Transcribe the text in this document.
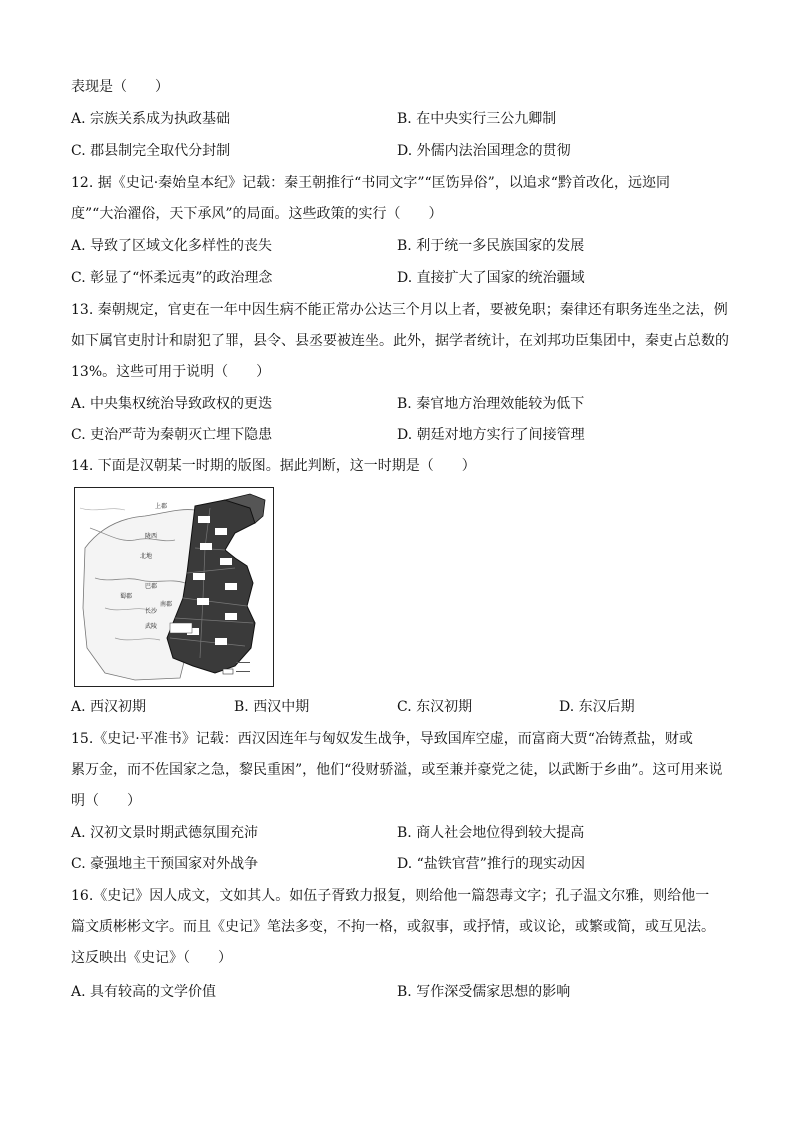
表现是（　　）
A. 宗族关系成为执政基础	B. 在中央实行三公九卿制
C. 郡县制完全取代分封制	D. 外儒内法治国理念的贯彻
12. 据《史记·秦始皇本纪》记载：秦王朝推行“书同文字”“匡饬异俗”，以追求“黔首改化，远迩同
度”“大治濯俗，天下承风”的局面。这些政策的实行（　　）
A. 导致了区域文化多样性的丧失	B. 利于统一多民族国家的发展
C. 彰显了“怀柔远夷”的政治理念	D. 直接扩大了国家的统治疆域
13. 秦朝规定，官吏在一年中因生病不能正常办公达三个月以上者，要被免职；秦律还有职务连坐之法，例
如下属官吏肘计和尉犯了罪，县令、县丞要被连坐。此外，据学者统计，在刘邦功臣集团中，秦吏占总数的
13%。这些可用于说明（　　）
A. 中央集权统治导致政权的更迭	B. 秦官地方治理效能较为低下
C. 吏治严苛为秦朝灭亡埋下隐患	D. 朝廷对地方实行了间接管理
14. 下面是汉朝某一时期的版图。据此判断，这一时期是（　　）
上郡
陇西
北地
巴郡
蜀郡
南郡
长沙
武陵
A. 西汉初期	B. 西汉中期	C. 东汉初期	D. 东汉后期
15.《史记·平准书》记载：西汉因连年与匈奴发生战争，导致国库空虚，而富商大贾“冶铸煮盐，财或
累万金，而不佐国家之急，黎民重困”，他们“役财骄溢，或至兼并豪党之徒，以武断于乡曲”。这可用来说
明（　　）
A. 汉初文景时期武德氛围充沛	B. 商人社会地位得到较大提高
C. 豪强地主干预国家对外战争	D. “盐铁官营”推行的现实动因
16.《史记》因人成文，文如其人。如伍子胥致力报复，则给他一篇怨毒文字；孔子温文尔雅，则给他一
篇文质彬彬文字。而且《史记》笔法多变，不拘一格，或叙事，或抒情，或议论，或繁或简，或互见法。
这反映出《史记》（　　）
A. 具有较高的文学价值	B. 写作深受儒家思想的影响
